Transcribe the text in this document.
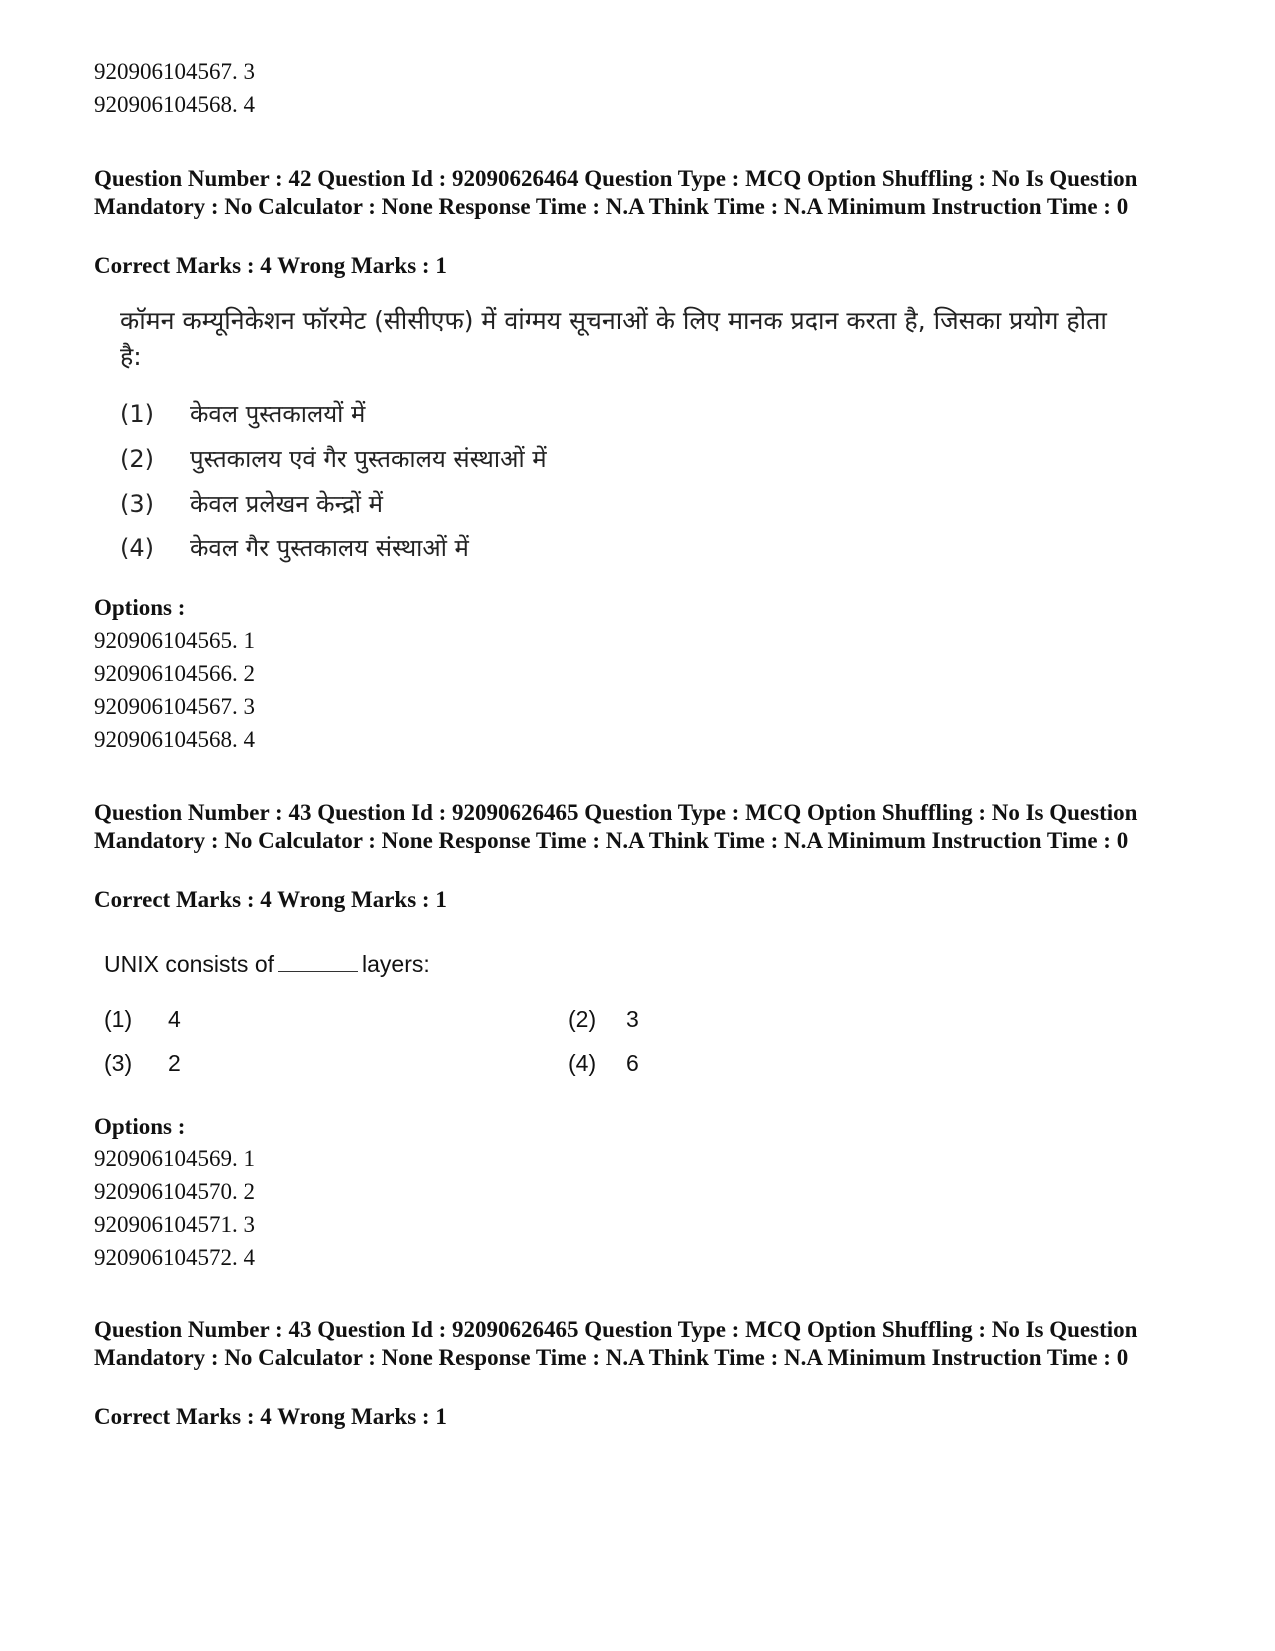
920906104567. 3
920906104568. 4
Question Number : 42 Question Id : 92090626464 Question Type : MCQ Option Shuffling : No Is Question Mandatory : No Calculator : None Response Time : N.A Think Time : N.A Minimum Instruction Time : 0
Correct Marks : 4 Wrong Marks : 1
कॉमन कम्यूनिकेशन फॉरमेट (सीसीएफ) में वांग्मय सूचनाओं के लिए मानक प्रदान करता है, जिसका प्रयोग होता है:
(1) केवल पुस्तकालयों में
(2) पुस्तकालय एवं गैर पुस्तकालय संस्थाओं में
(3) केवल प्रलेखन केन्द्रों में
(4) केवल गैर पुस्तकालय संस्थाओं में
Options :
920906104565. 1
920906104566. 2
920906104567. 3
920906104568. 4
Question Number : 43 Question Id : 92090626465 Question Type : MCQ Option Shuffling : No Is Question Mandatory : No Calculator : None Response Time : N.A Think Time : N.A Minimum Instruction Time : 0
Correct Marks : 4 Wrong Marks : 1
UNIX consists of	layers:
(1) 4	(2) 3
(3) 2	(4) 6
Options :
920906104569. 1
920906104570. 2
920906104571. 3
920906104572. 4
Question Number : 43 Question Id : 92090626465 Question Type : MCQ Option Shuffling : No Is Question Mandatory : No Calculator : None Response Time : N.A Think Time : N.A Minimum Instruction Time : 0
Correct Marks : 4 Wrong Marks : 1
